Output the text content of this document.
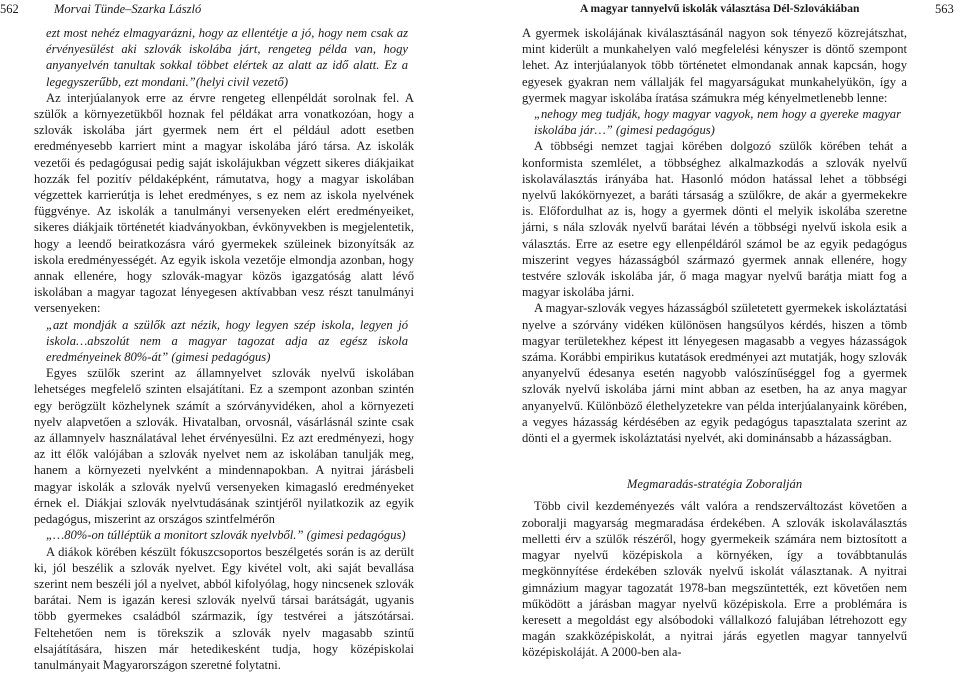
562	Morvai Tünde–Szarka László

ezt most nehéz elmagyarázni, hogy az ellentétje a jó, hogy nem csak az érvényesülést aki szlovák iskolába járt, rengeteg példa van, hogy anyanyelvén tanultak sokkal többet elértek az alatt az idő alatt. Ez a legegyszerűbb, ezt mondani.”(helyi civil vezető)

Az interjúalanyok erre az érvre rengeteg ellenpéldát sorolnak fel. A szülők a környezetükből hoznak fel példákat arra vonatkozóan, hogy a szlovák iskolába járt gyermek nem ért el például adott esetben eredményesebb karriert mint a magyar iskolába járó társa. Az iskolák vezetői és pedagógusai pedig saját iskolájukban végzett sikeres diákjaikat hozzák fel pozitív példaképként, rámutatva, hogy a magyar iskolában végzettek karrierútja is lehet eredményes, s ez nem az iskola nyelvének függvénye. Az iskolák a tanulmányi versenyeken elért eredményeiket, sikeres diákjaik történetét kiadványokban, évkönyvekben is megjelentetik, hogy a leendő beiratkozásra váró gyermekek szüleinek bizonyítsák az iskola eredményességét. Az egyik iskola vezetője elmondja azonban, hogy annak ellenére, hogy szlovák-magyar közös igazgatóság alatt lévő iskolában a magyar tagozat lényegesen aktívabban vesz részt tanulmányi versenyeken:

„azt mondják a szülők azt nézik, hogy legyen szép iskola, legyen jó iskola…abszolút nem a magyar tagozat adja az egész iskola eredményeinek 80%-át” (gimesi pedagógus)

Egyes szülők szerint az államnyelvet szlovák nyelvű iskolában lehetséges megfelelő szinten elsajátítani. Ez a szempont azonban szintén egy berögzült közhelynek számít a szórványvidéken, ahol a környezeti nyelv alapvetően a szlovák. Hivatalban, orvosnál, vásárlásnál szinte csak az államnyelv használatával lehet érvényesülni. Ez azt eredményezi, hogy az itt élők valójában a szlovák nyelvet nem az iskolában tanulják meg, hanem a környezeti nyelvként a mindennapokban. A nyitrai járásbeli magyar iskolák a szlovák nyelvű versenyeken kimagasló eredményeket érnek el. Diákjai szlovák nyelvtudásának szintjéről nyilatkozik az egyik pedagógus, miszerint az országos szintfelmérőn

„…80%-on túlléptük a monitort szlovák nyelvből.” (gimesi pedagógus)

A diákok körében készült fókuszcsoportos beszélgetés során is az derült ki, jól beszélik a szlovák nyelvet. Egy kivétel volt, aki saját bevallása szerint nem beszéli jól a nyelvet, abból kifolyólag, hogy nincsenek szlovák barátai. Nem is igazán keresi szlovák nyelvű társai barátságát, ugyanis több gyermekes családból származik, így testvérei a játszótársai. Feltehetően nem is törekszik a szlovák nyelv magasabb szintű elsajátítására, hiszen már hetedikesként tudja, hogy középiskolai tanulmányait Magyarországon szeretné folytatni.

A magyar tannyelvű iskolák választása Dél-Szlovákiában	563

A gyermek iskolájának kiválasztásánál nagyon sok tényező közrejátszhat, mint kiderült a munkahelyen való megfelelési kényszer is döntő szempont lehet. Az interjúalanyok több történetet elmondanak annak kapcsán, hogy egyesek gyakran nem vállalják fel magyarságukat munkahelyükön, így a gyermek magyar iskolába íratása számukra még kényelmetlenebb lenne:

„nehogy meg tudják, hogy magyar vagyok, nem hogy a gyereke magyar iskolába jár…” (gimesi pedagógus)

A többségi nemzet tagjai körében dolgozó szülők körében tehát a konformista szemlélet, a többséghez alkalmazkodás a szlovák nyelvű iskolaválasztás irányába hat. Hasonló módon hatással lehet a többségi nyelvű lakókörnyezet, a baráti társaság a szülőkre, de akár a gyermekekre is. Előfordulhat az is, hogy a gyermek dönti el melyik iskolába szeretne járni, s nála szlovák nyelvű barátai lévén a többségi nyelvű iskola esik a választás. Erre az esetre egy ellenpéldáról számol be az egyik pedagógus miszerint vegyes házasságból származó gyermek annak ellenére, hogy testvére szlovák iskolába jár, ő maga magyar nyelvű barátja miatt fog a magyar iskolába járni.

A magyar-szlovák vegyes házasságból születetett gyermekek iskoláztatási nyelve a szórvány vidéken különösen hangsúlyos kérdés, hiszen a tömb magyar területekhez képest itt lényegesen magasabb a vegyes házasságok száma. Korábbi empirikus kutatások eredményei azt mutatják, hogy szlovák anyanyelvű édesanya esetén nagyobb valószínűséggel fog a gyermek szlovák nyelvű iskolába járni mint abban az esetben, ha az anya magyar anyanyelvű. Különböző élethelyzetekre van példa interjúalanyaink körében, a vegyes házasság kérdésében az egyik pedagógus tapasztalata szerint az dönti el a gyermek iskoláztatási nyelvét, aki dominánsabb a házasságban.

Megmaradás-stratégia Zoboralján

Több civil kezdeményezés vált valóra a rendszerváltozást követően a zoboralji magyarság megmaradása érdekében. A szlovák iskolaválasztás melletti érv a szülők részéről, hogy gyermekeik számára nem biztosított a magyar nyelvű középiskola a környéken, így a továbbtanulás megkönnyítése érdekében szlovák nyelvű iskolát választanak. A nyitrai gimnázium magyar tagozatát 1978-ban megszüntették, ezt követően nem működött a járásban magyar nyelvű középiskola. Erre a problémára is keresett a megoldást egy alsóbodoki vállalkozó falujában létrehozott egy magán szakközépiskolát, a nyitrai járás egyetlen magyar tannyelvű középiskoláját. A 2000-ben ala-
